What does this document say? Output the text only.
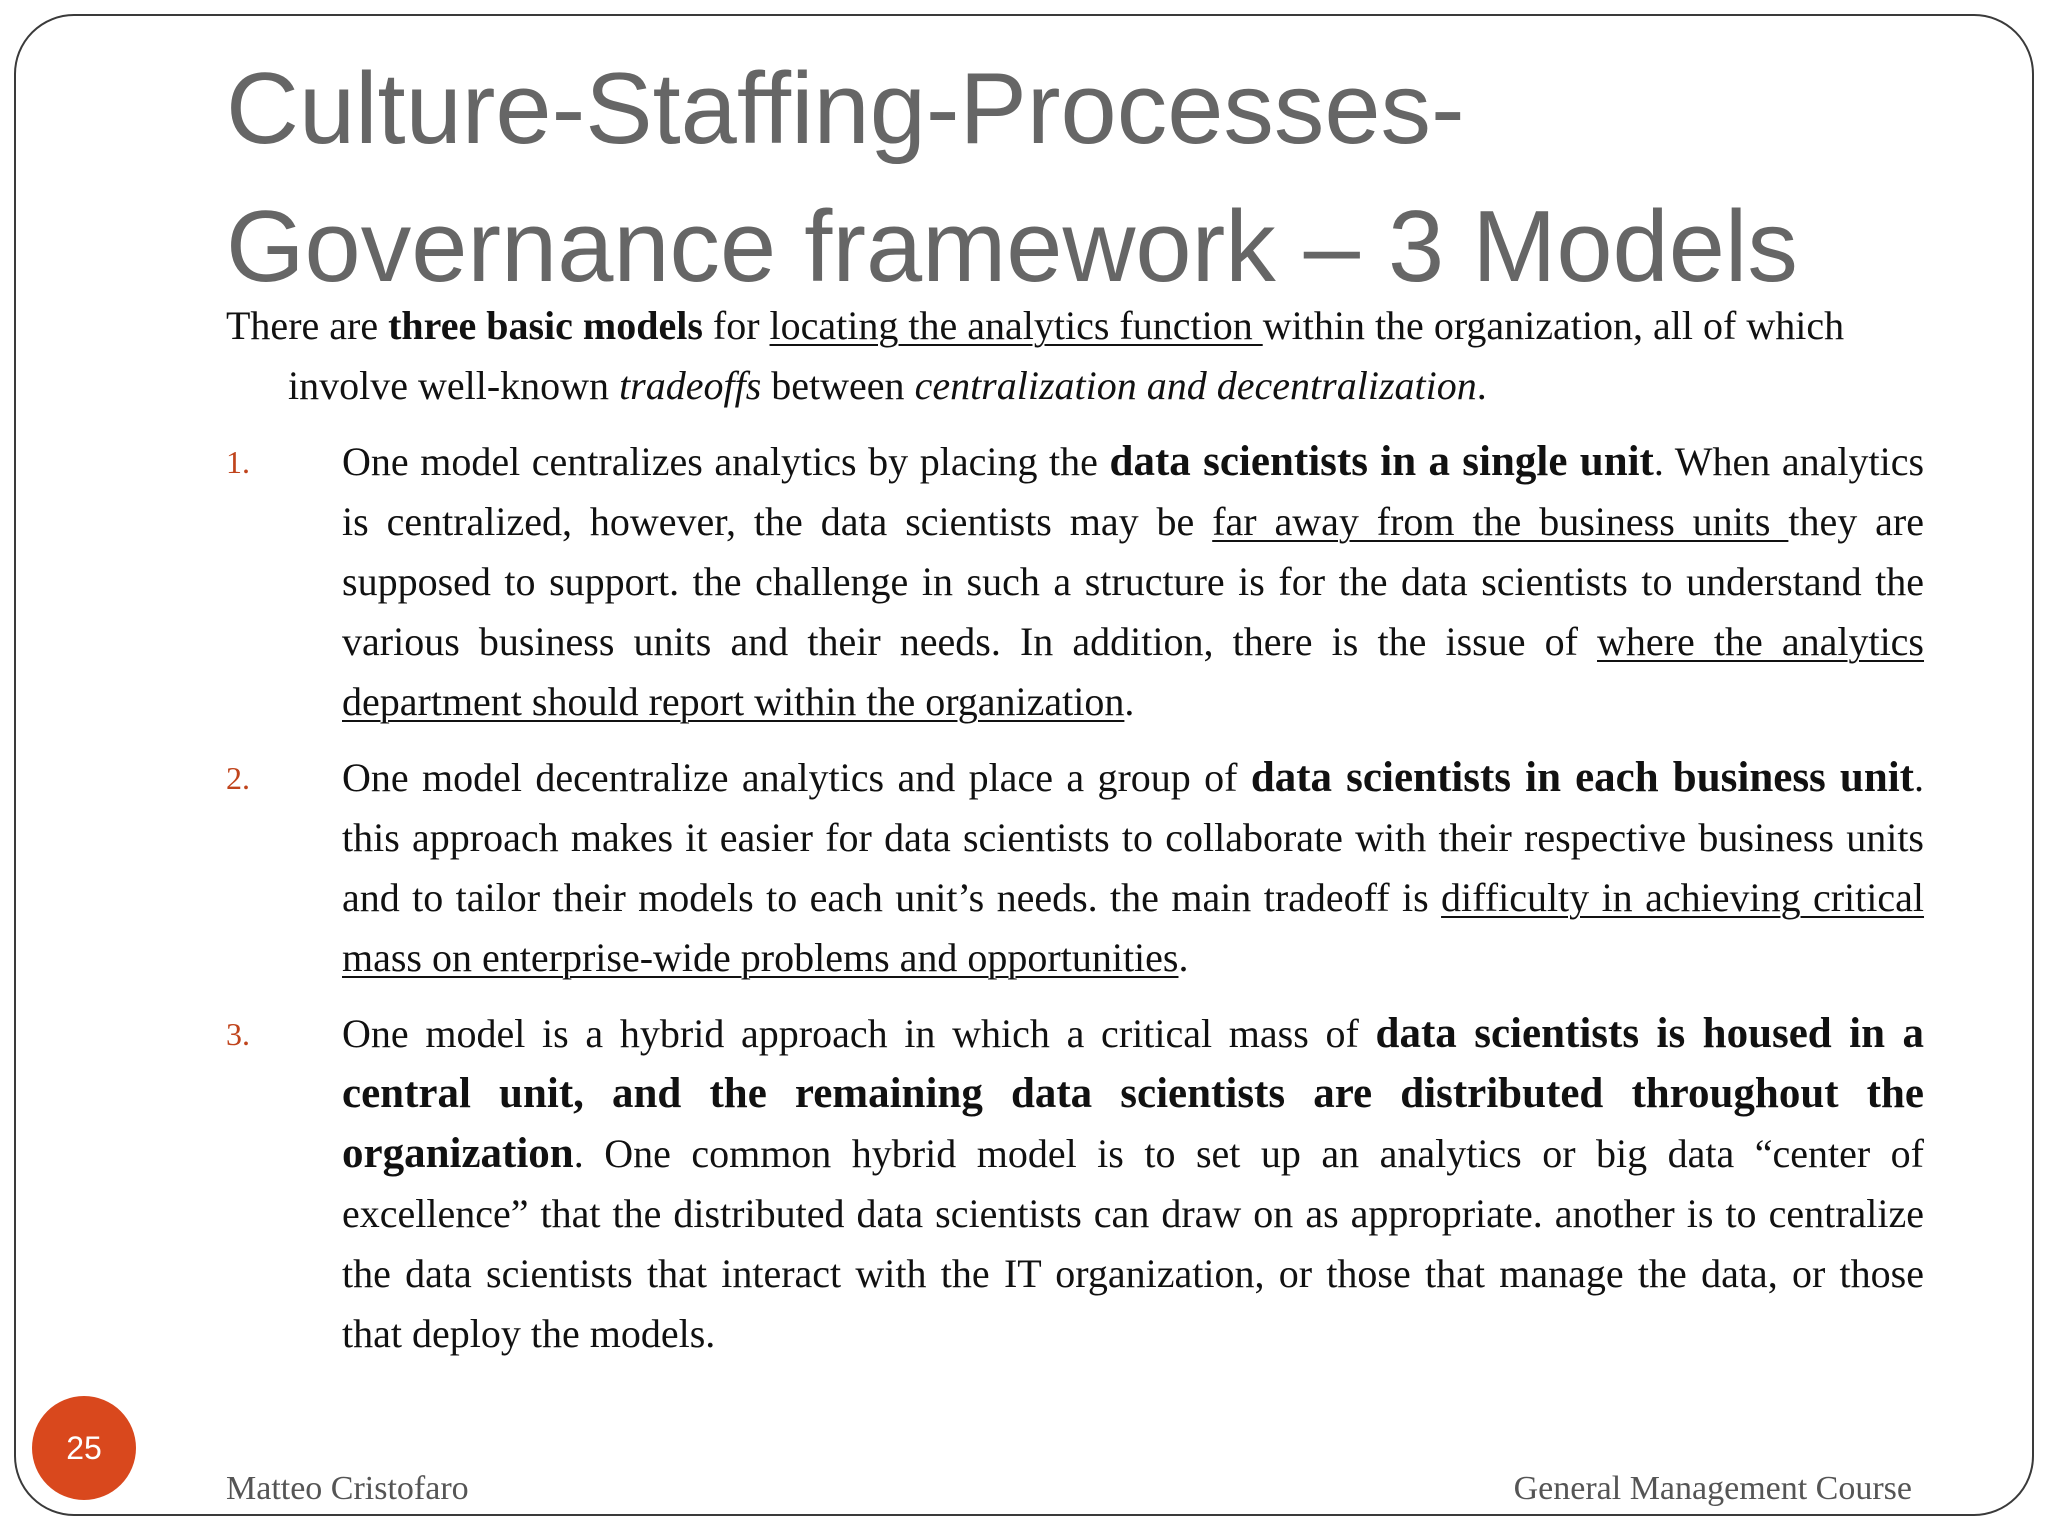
Culture-Staffing-Processes-
Governance framework – 3 Models

There are three basic models for locating the analytics function within the organization, all of which involve well-known tradeoffs between centralization and decentralization.

1. One model centralizes analytics by placing the data scientists in a single unit. When analytics is centralized, however, the data scientists may be far away from the business units they are supposed to support. the challenge in such a structure is for the data scientists to understand the various business units and their needs. In addition, there is the issue of where the analytics department should report within the organization.
2. One model decentralize analytics and place a group of data scientists in each business unit. this approach makes it easier for data scientists to collaborate with their respective business units and to tailor their models to each unit’s needs. the main tradeoff is difficulty in achieving critical mass on enterprise-wide problems and opportunities.
3. One model is a hybrid approach in which a critical mass of data scientists is housed in a central unit, and the remaining data scientists are distributed throughout the organization. One common hybrid model is to set up an analytics or big data “center of excellence” that the distributed data scientists can draw on as appropriate. another is to centralize the data scientists that interact with the IT organization, or those that manage the data, or those that deploy the models.
25
Matteo Cristofaro	General Management Course
